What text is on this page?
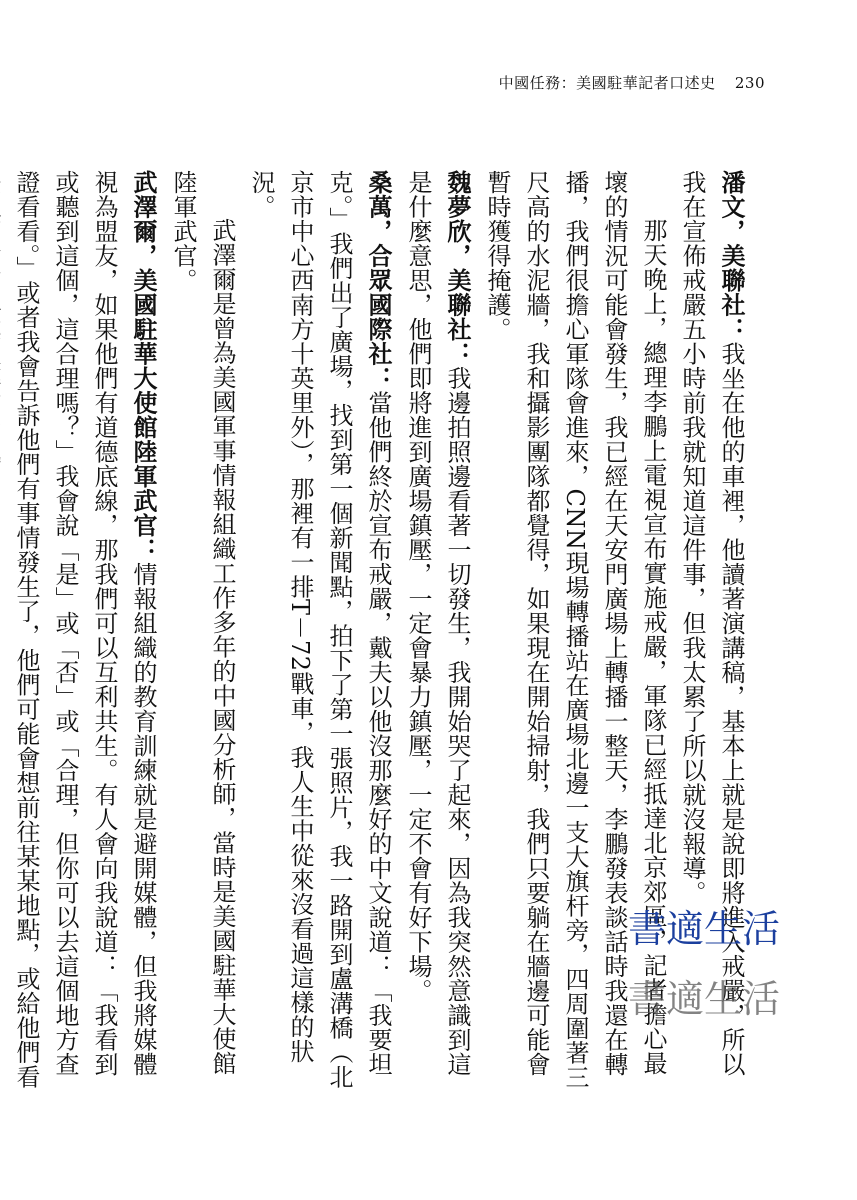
中國任務：美國駐華記者口述史 230

潘文，美聯社：我坐在他的車裡，他讀著演講稿，基本上就是說即將進入戒嚴，所以我在宣佈戒嚴五小時前我就知道這件事，但我太累了所以就沒報導。

那天晚上，總理李鵬上電視宣布實施戒嚴，軍隊已經抵達北京郊區，記者擔心最壞的情況可能會發生，我已經在天安門廣場上轉播一整天，李鵬發表談話時我還在轉播，我們很擔心軍隊會進來，CNN現場轉播站在廣場北邊一支大旗杆旁，四周圍著三尺高的水泥牆，我和攝影團隊都覺得，如果現在開始掃射，我們只要躺在牆邊可能會暫時獲得掩護。

魏夢欣，美聯社：我邊拍照邊看著一切發生，我開始哭了起來，因為我突然意識到這是什麼意思，他們即將進到廣場鎮壓，一定會暴力鎮壓，一定不會有好下場。

桑萬，合眾國際社：當他們終於宣布戒嚴，戴夫以他沒那麼好的中文說道：「我要坦克。」我們出了廣場，找到第一個新聞點，拍下了第一張照片，我一路開到盧溝橋（北京市中心西南方十英里外），那裡有一排T－72戰車，我人生中從來沒看過這樣的狀況。

武澤爾是曾為美國軍事情報組織工作多年的中國分析師，當時是美國駐華大使館陸軍武官。

武澤爾，美國駐華大使館陸軍武官：情報組織的教育訓練就是避開媒體，但我將媒體視為盟友，如果他們有道德底線，那我們可以互利共生。有人會向我說道：「我看到或聽到這個，這合理嗎？」我會說「是」或「否」或「合理，但你可以去這個地方查證看看。」或者我會告訴他們有事情發生了，他們可能會想前往某某地點，或給他們看

書適生活
書適生活
